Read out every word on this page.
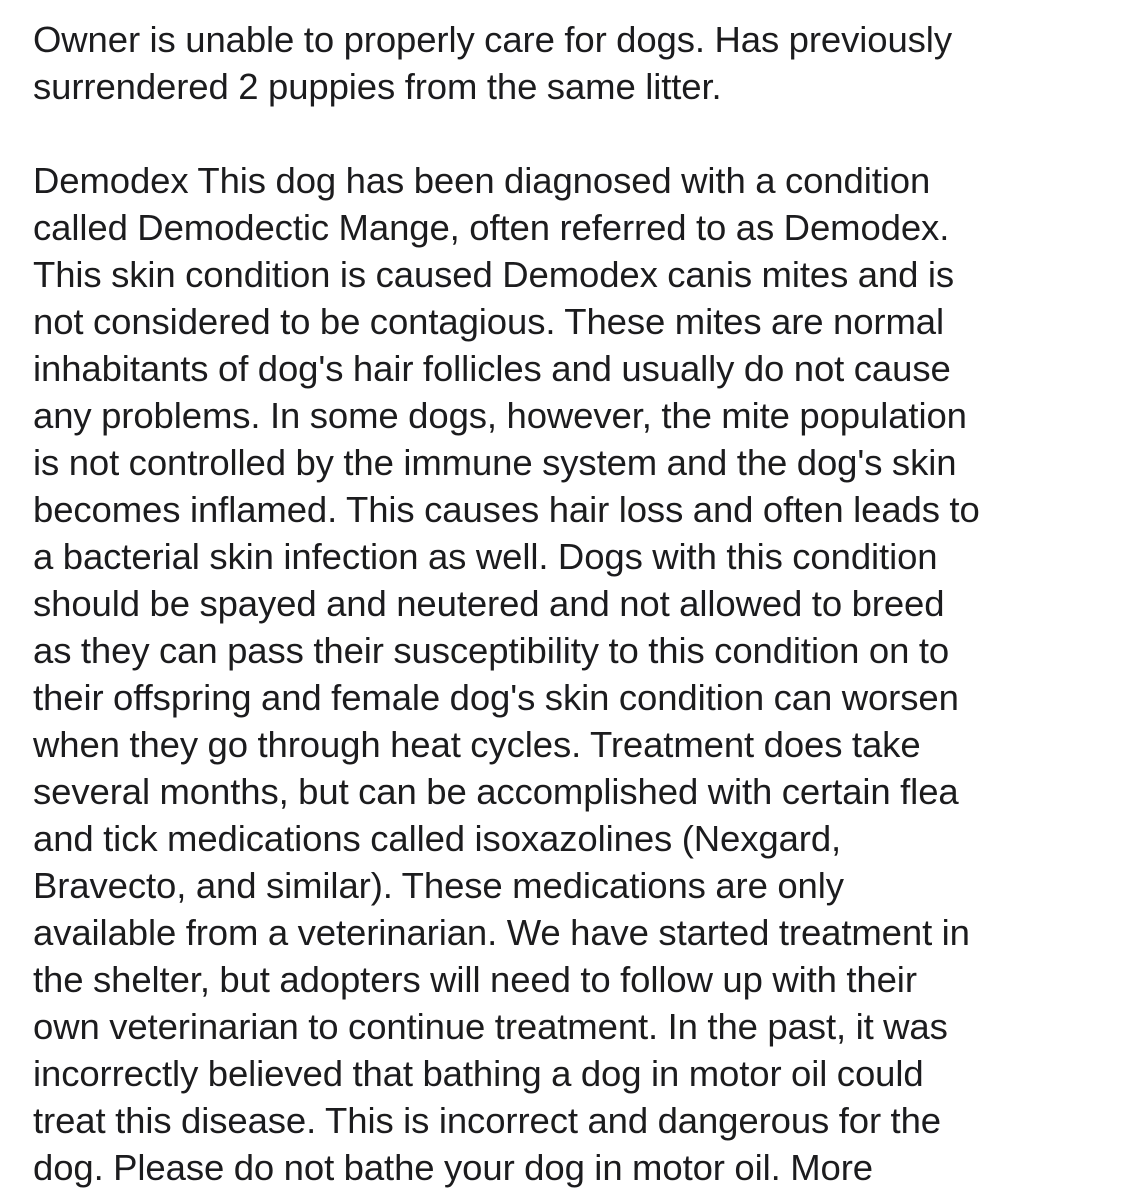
Owner is unable to properly care for dogs. Has previously
surrendered 2 puppies from the same litter.
Demodex This dog has been diagnosed with a condition
called Demodectic Mange, often referred to as Demodex.
This skin condition is caused Demodex canis mites and is
not considered to be contagious. These mites are normal
inhabitants of dog's hair follicles and usually do not cause
any problems. In some dogs, however, the mite population
is not controlled by the immune system and the dog's skin
becomes inflamed. This causes hair loss and often leads to
a bacterial skin infection as well. Dogs with this condition
should be spayed and neutered and not allowed to breed
as they can pass their susceptibility to this condition on to
their offspring and female dog's skin condition can worsen
when they go through heat cycles. Treatment does take
several months, but can be accomplished with certain flea
and tick medications called isoxazolines (Nexgard,
Bravecto, and similar). These medications are only
available from a veterinarian. We have started treatment in
the shelter, but adopters will need to follow up with their
own veterinarian to continue treatment. In the past, it was
incorrectly believed that bathing a dog in motor oil could
treat this disease. This is incorrect and dangerous for the
dog. Please do not bathe your dog in motor oil. More
